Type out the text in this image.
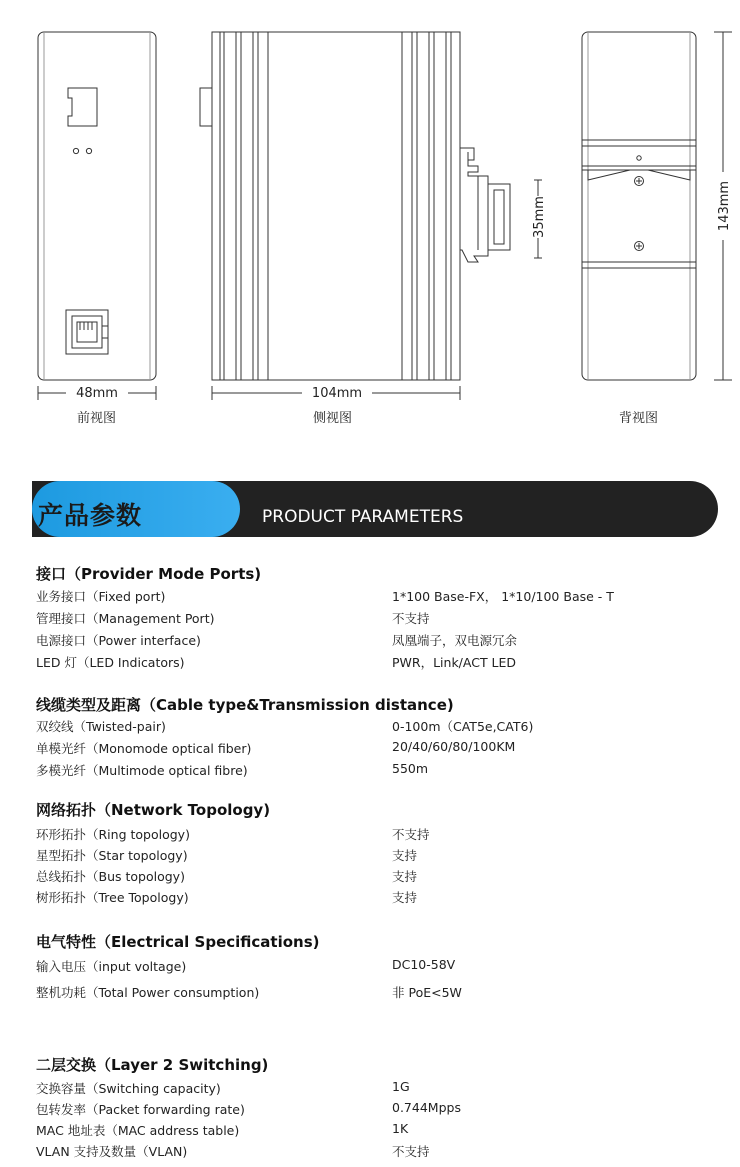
48mm	104mm
35mm	143mm
前视图	侧视图	背视图
产品参数	PRODUCT PARAMETERS
接口（Provider Mode Ports)
业务接口（Fixed port)	1*100 Base-FX， 1*10/100 Base - T
管理接口（Management Port)	不支持
电源接口（Power interface)	凤凰端子，双电源冗余
LED 灯（LED Indicators)	PWR，Link/ACT LED
线缆类型及距离（Cable type&Transmission distance)
双绞线（Twisted-pair)	0-100m（CAT5e,CAT6)
单模光纤（Monomode optical fiber)	20/40/60/80/100KM
多模光纤（Multimode optical fibre)	550m
网络拓扑（Network Topology)
环形拓扑（Ring topology)	不支持
星型拓扑（Star topology)	支持
总线拓扑（Bus topology)	支持
树形拓扑（Tree Topology)	支持
电气特性（Electrical Specifications)
输入电压（input voltage)	DC10-58V
整机功耗（Total Power consumption)	非 PoE<5W
二层交换（Layer 2 Switching)
交换容量（Switching capacity)	1G
包转发率（Packet forwarding rate)	0.744Mpps
MAC 地址表（MAC address table)	1K
VLAN 支持及数量（VLAN)	不支持
